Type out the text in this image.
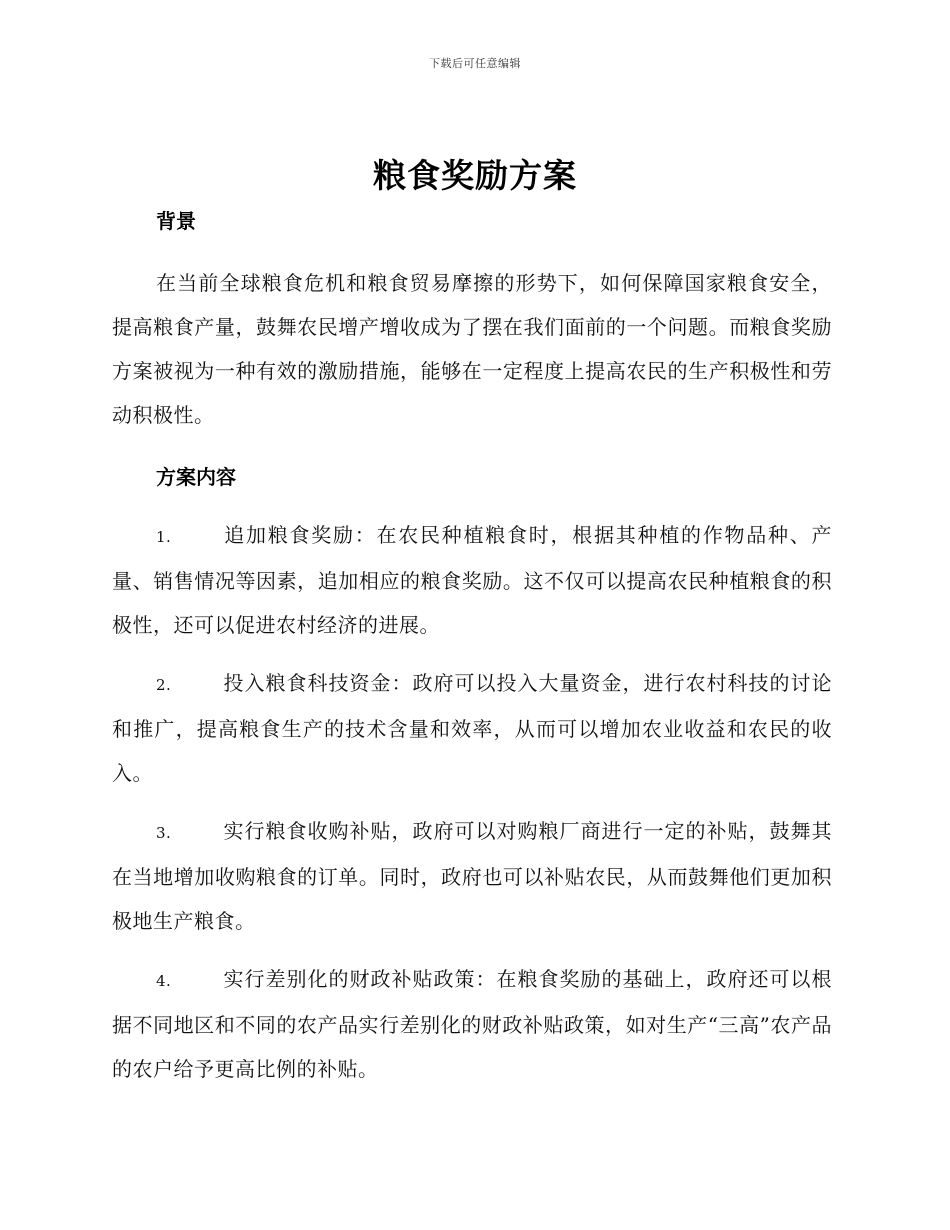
下载后可任意编辑
粮食奖励方案
背景

在当前全球粮食危机和粮食贸易摩擦的形势下，如何保障国家粮食安全，提高粮食产量，鼓舞农民增产增收成为了摆在我们面前的一个问题。而粮食奖励方案被视为一种有效的激励措施，能够在一定程度上提高农民的生产积极性和劳动积极性。

方案内容
1.	追加粮食奖励：在农民种植粮食时，根据其种植的作物品种、产量、销售情况等因素，追加相应的粮食奖励。这不仅可以提高农民种植粮食的积极性，还可以促进农村经济的进展。
2.	投入粮食科技资金：政府可以投入大量资金，进行农村科技的讨论和推广，提高粮食生产的技术含量和效率，从而可以增加农业收益和农民的收入。
3.	实行粮食收购补贴，政府可以对购粮厂商进行一定的补贴，鼓舞其在当地增加收购粮食的订单。同时，政府也可以补贴农民，从而鼓舞他们更加积极地生产粮食。
4.	实行差别化的财政补贴政策：在粮食奖励的基础上，政府还可以根据不同地区和不同的农产品实行差别化的财政补贴政策，如对生产“三高”农产品的农户给予更高比例的补贴。
